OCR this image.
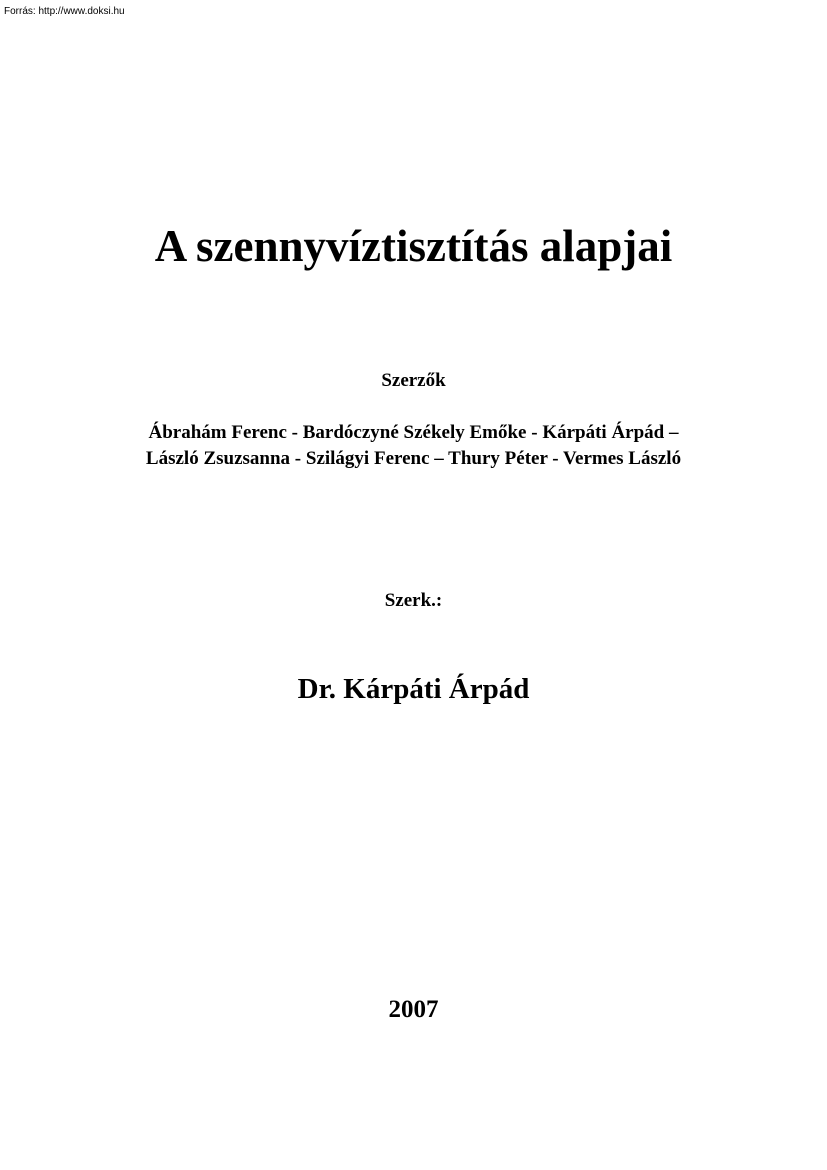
Forrás: http://www.doksi.hu
A szennyvíztisztítás alapjai
Szerzők
Ábrahám Ferenc - Bardóczyné Székely Emőke - Kárpáti Árpád –
László Zsuzsanna - Szilágyi Ferenc – Thury Péter - Vermes László
Szerk.:
Dr. Kárpáti Árpád
2007
